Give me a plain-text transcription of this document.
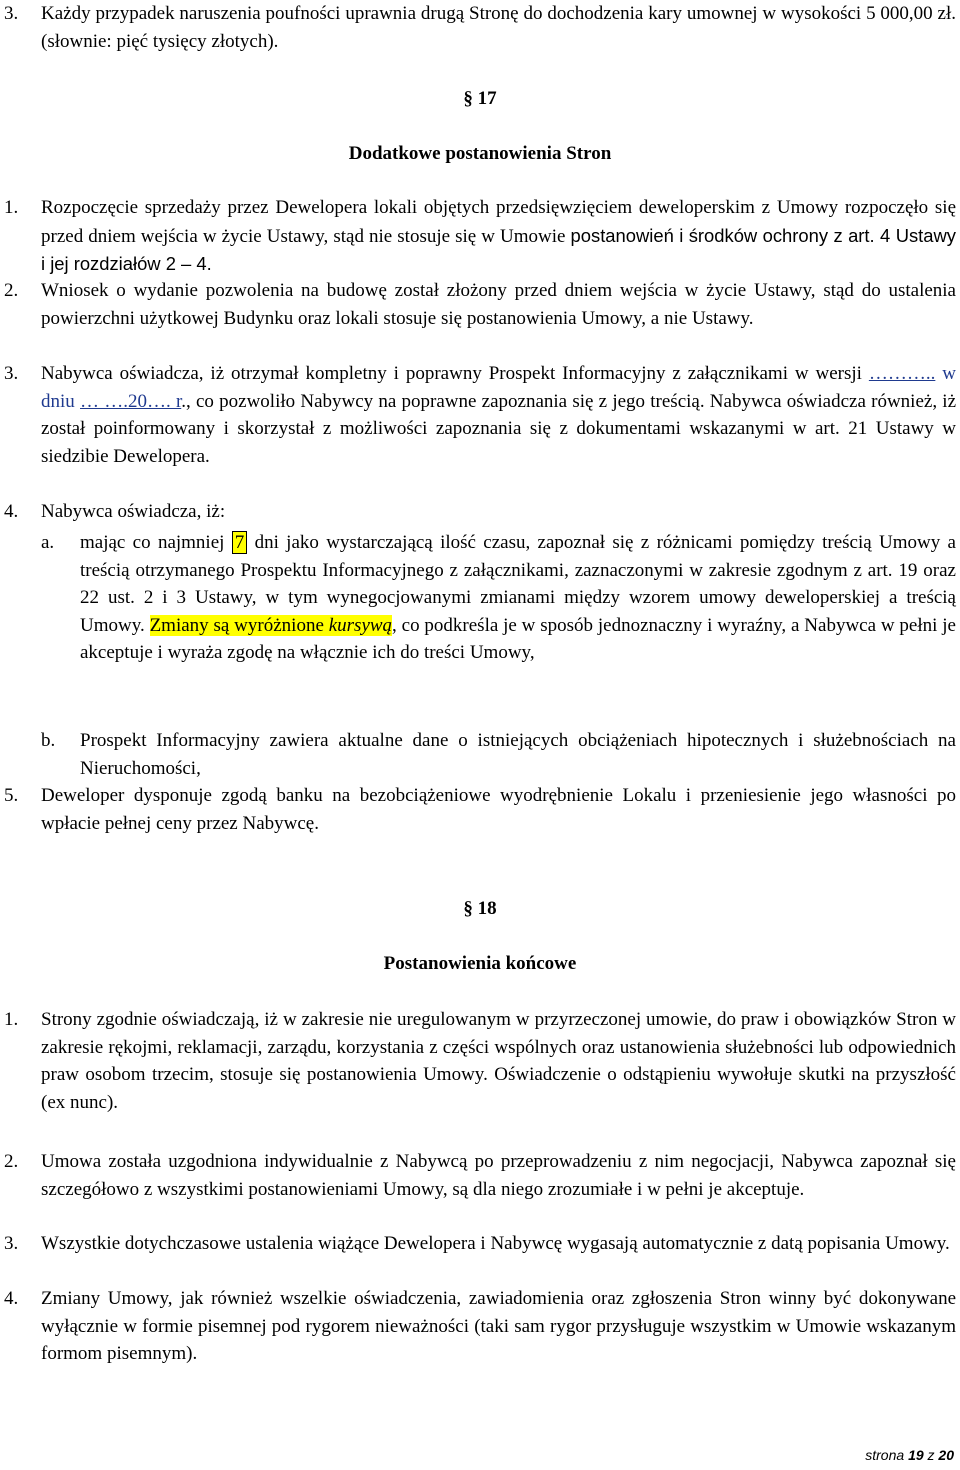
3. Każdy przypadek naruszenia poufności uprawnia drugą Stronę do dochodzenia kary umownej w wysokości 5 000,00 zł. (słownie: pięć tysięcy złotych).
§ 17
Dodatkowe postanowienia Stron
1. Rozpoczęcie sprzedaży przez Dewelopera lokali objętych przedsięwzięciem deweloperskim z Umowy rozpoczęło się przed dniem wejścia w życie Ustawy, stąd nie stosuje się w Umowie postanowień i środków ochrony z art. 4 Ustawy i jej rozdziałów 2 – 4.
2. Wniosek o wydanie pozwolenia na budowę został złożony przed dniem wejścia w życie Ustawy, stąd do ustalenia powierzchni użytkowej Budynku oraz lokali stosuje się postanowienia Umowy, a nie Ustawy.
3. Nabywca oświadcza, iż otrzymał kompletny i poprawny Prospekt Informacyjny z załącznikami w wersji ……….. w dniu … ….20…. r., co pozwoliło Nabywcy na poprawne zapoznania się z jego treścią. Nabywca oświadcza również, iż został poinformowany i skorzystał z możliwości zapoznania się z dokumentami wskazanymi w art. 21 Ustawy w siedzibie Dewelopera.
4. Nabywca oświadcza, iż:
a. mając co najmniej 7 dni jako wystarczającą ilość czasu, zapoznał się z różnicami pomiędzy treścią Umowy a treścią otrzymanego Prospektu Informacyjnego z załącznikami, zaznaczonymi w zakresie zgodnym z art. 19 oraz 22 ust. 2 i 3 Ustawy, w tym wynegocjowanymi zmianami między wzorem umowy deweloperskiej a treścią Umowy. Zmiany są wyróżnione kursywą, co podkreśla je w sposób jednoznaczny i wyraźny, a Nabywca w pełni je akceptuje i wyraża zgodę na włącznie ich do treści Umowy,
b. Prospekt Informacyjny zawiera aktualne dane o istniejących obciążeniach hipotecznych i służebnościach na Nieruchomości,
5. Deweloper dysponuje zgodą banku na bezobciążeniowe wyodrębnienie Lokalu i przeniesienie jego własności po wpłacie pełnej ceny przez Nabywcę.
§ 18
Postanowienia końcowe
1. Strony zgodnie oświadczają, iż w zakresie nie uregulowanym w przyrzeczonej umowie, do praw i obowiązków Stron w zakresie rękojmi, reklamacji, zarządu, korzystania z części wspólnych oraz ustanowienia służebności lub odpowiednich praw osobom trzecim, stosuje się postanowienia Umowy. Oświadczenie o odstąpieniu wywołuje skutki na przyszłość (ex nunc).
2. Umowa została uzgodniona indywidualnie z Nabywcą po przeprowadzeniu z nim negocjacji, Nabywca zapoznał się szczegółowo z wszystkimi postanowieniami Umowy, są dla niego zrozumiałe i w pełni je akceptuje.
3. Wszystkie dotychczasowe ustalenia wiążące Dewelopera i Nabywcę wygasają automatycznie z datą popisania Umowy.
4. Zmiany Umowy, jak również wszelkie oświadczenia, zawiadomienia oraz zgłoszenia Stron winny być dokonywane wyłącznie w formie pisemnej pod rygorem nieważności (taki sam rygor przysługuje wszystkim w Umowie wskazanym formom pisemnym).
strona 19 z 20
